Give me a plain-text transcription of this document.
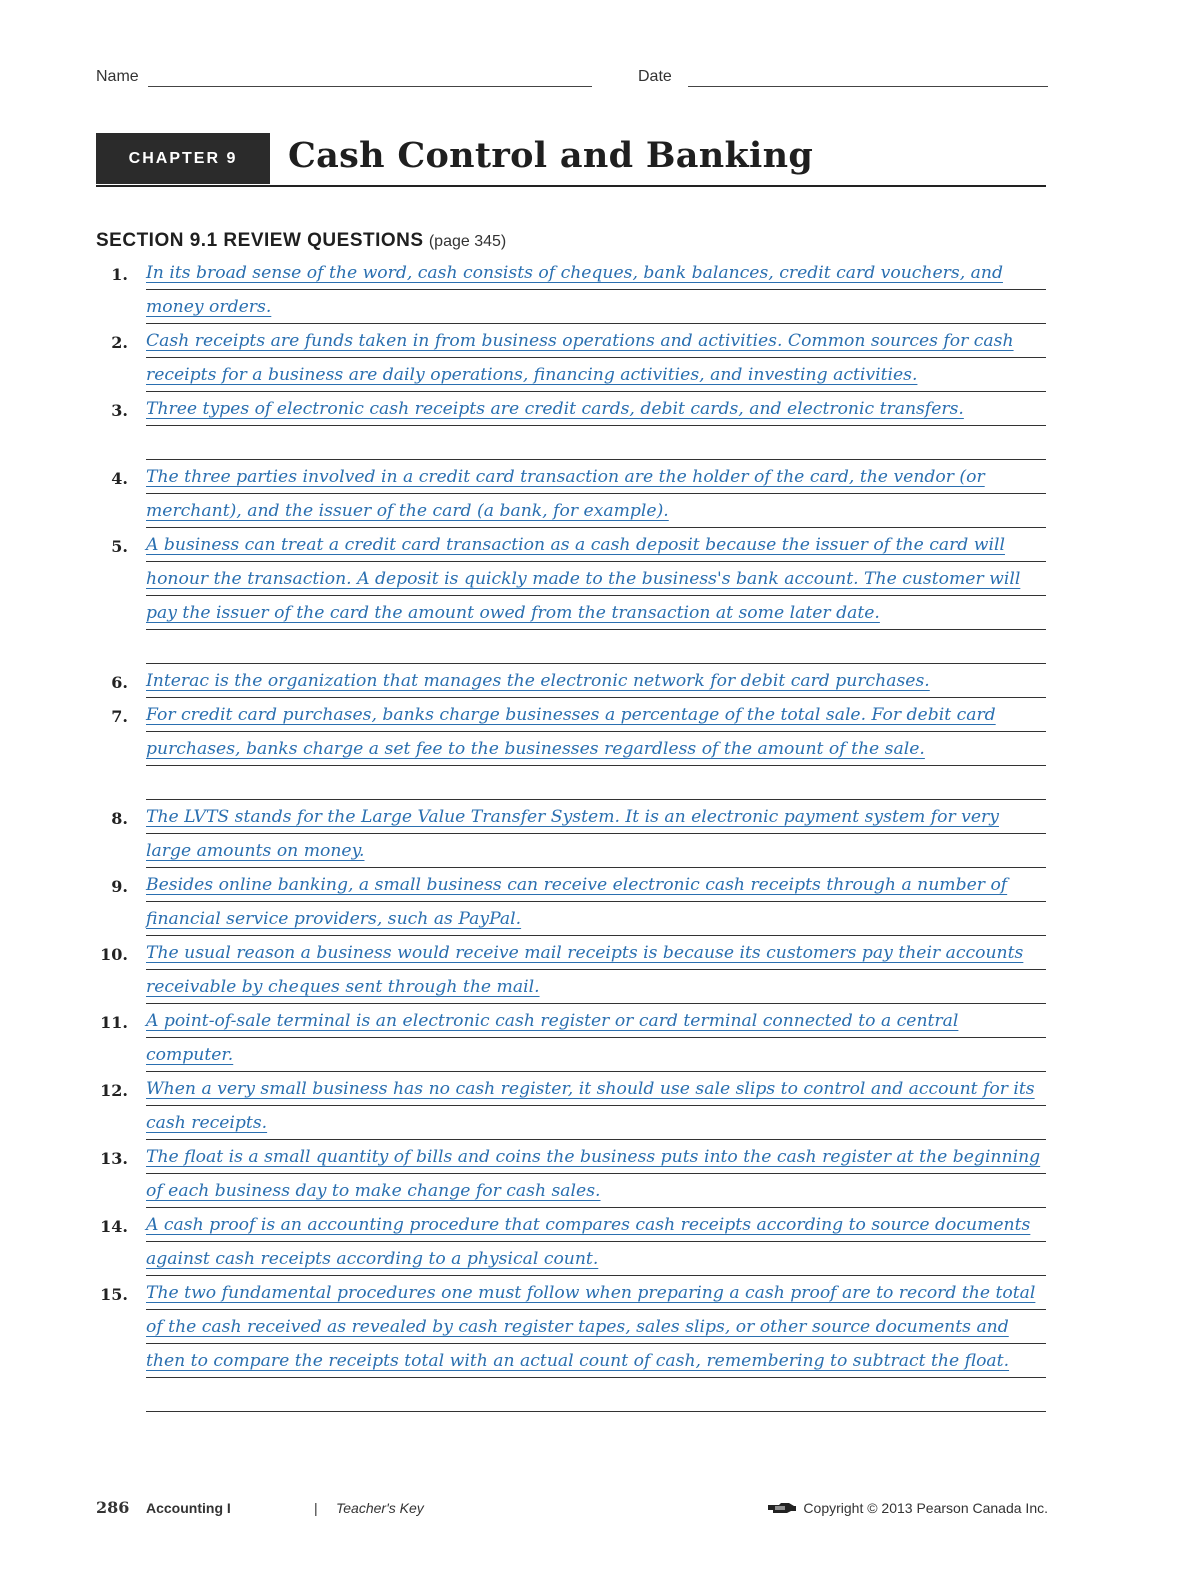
Name	Date
CHAPTER 9	Cash Control and Banking
SECTION 9.1 REVIEW QUESTIONS (page 345)
1. In its broad sense of the word, cash consists of cheques, bank balances, credit card vouchers, and money orders.
2. Cash receipts are funds taken in from business operations and activities. Common sources for cash receipts for a business are daily operations, financing activities, and investing activities.
3. Three types of electronic cash receipts are credit cards, debit cards, and electronic transfers.
4. The three parties involved in a credit card transaction are the holder of the card, the vendor (or merchant), and the issuer of the card (a bank, for example).
5. A business can treat a credit card transaction as a cash deposit because the issuer of the card will honour the transaction. A deposit is quickly made to the business's bank account. The customer will pay the issuer of the card the amount owed from the transaction at some later date.
6. Interac is the organization that manages the electronic network for debit card purchases.
7. For credit card purchases, banks charge businesses a percentage of the total sale. For debit card purchases, banks charge a set fee to the businesses regardless of the amount of the sale.
8. The LVTS stands for the Large Value Transfer System. It is an electronic payment system for very large amounts on money.
9. Besides online banking, a small business can receive electronic cash receipts through a number of financial service providers, such as PayPal.
10. The usual reason a business would receive mail receipts is because its customers pay their accounts receivable by cheques sent through the mail.
11. A point-of-sale terminal is an electronic cash register or card terminal connected to a central computer.
12. When a very small business has no cash register, it should use sale slips to control and account for its cash receipts.
13. The float is a small quantity of bills and coins the business puts into the cash register at the beginning of each business day to make change for cash sales.
14. A cash proof is an accounting procedure that compares cash receipts according to source documents against cash receipts according to a physical count.
15. The two fundamental procedures one must follow when preparing a cash proof are to record the total of the cash received as revealed by cash register tapes, sales slips, or other source documents and then to compare the receipts total with an actual count of cash, remembering to subtract the float.
286 Accounting I	| Teacher's Key	Copyright © 2013 Pearson Canada Inc.
